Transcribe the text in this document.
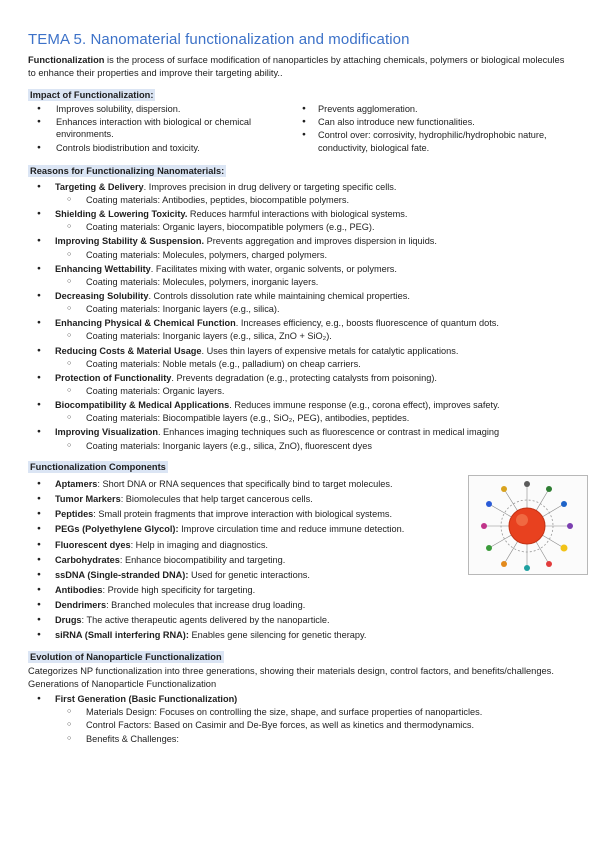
TEMA 5. Nanomaterial functionalization and modification

Functionalization is the process of surface modification of nanoparticles by attaching chemicals, polymers or biological molecules to enhance their properties and improve their targeting ability..

Impact of Functionalization:
● Improves solubility, dispersion.
● Enhances interaction with biological or chemical environments.
● Controls biodistribution and toxicity.
● Prevents agglomeration.
● Can also introduce new functionalities.
● Control over: corrosivity, hydrophilic/hydrophobic nature, conductivity, biological fate.
Reasons for Functionalizing Nanomaterials:
● Targeting & Delivery. Improves precision in drug delivery or targeting specific cells.
○ Coating materials: Antibodies, peptides, biocompatible polymers.
● Shielding & Lowering Toxicity. Reduces harmful interactions with biological systems.
○ Coating materials: Organic layers, biocompatible polymers (e.g., PEG).
● Improving Stability & Suspension. Prevents aggregation and improves dispersion in liquids.
○ Coating materials: Molecules, polymers, charged polymers.
● Enhancing Wettability. Facilitates mixing with water, organic solvents, or polymers.
○ Coating materials: Molecules, polymers, inorganic layers.
● Decreasing Solubility. Controls dissolution rate while maintaining chemical properties.
○ Coating materials: Inorganic layers (e.g., silica).
● Enhancing Physical & Chemical Function. Increases efficiency, e.g., boosts fluorescence of quantum dots.
○ Coating materials: Inorganic layers (e.g., silica, ZnO + SiO₂).
● Reducing Costs & Material Usage. Uses thin layers of expensive metals for catalytic applications.
○ Coating materials: Noble metals (e.g., palladium) on cheap carriers.
● Protection of Functionality. Prevents degradation (e.g., protecting catalysts from poisoning).
○ Coating materials: Organic layers.
● Biocompatibility & Medical Applications. Reduces immune response (e.g., corona effect), improves safety.
○ Coating materials: Biocompatible layers (e.g., SiO₂, PEG), antibodies, peptides.
● Improving Visualization. Enhances imaging techniques such as fluorescence or contrast in medical imaging
○ Coating materials: Inorganic layers (e.g., silica, ZnO), fluorescent dyes
Functionalization Components
● Aptamers: Short DNA or RNA sequences that specifically bind to target molecules.
● Tumor Markers: Biomolecules that help target cancerous cells.
● Peptides: Small protein fragments that improve interaction with biological systems.
● PEGs (Polyethylene Glycol): Improve circulation time and reduce immune detection.
● Fluorescent dyes: Help in imaging and diagnostics.
● Carbohydrates: Enhance biocompatibility and targeting.
● ssDNA (Single-stranded DNA): Used for genetic interactions.
● Antibodies: Provide high specificity for targeting.
● Dendrimers: Branched molecules that increase drug loading.
● Drugs: The active therapeutic agents delivered by the nanoparticle.
● siRNA (Small interfering RNA): Enables gene silencing for genetic therapy.
Evolution of Nanoparticle Functionalization

Categorizes NP functionalization into three generations, showing their materials design, control factors, and benefits/challenges. Generations of Nanoparticle Functionalization

● First Generation (Basic Functionalization)
○ Materials Design: Focuses on controlling the size, shape, and surface properties of nanoparticles.
○ Control Factors: Based on Casimir and De-Bye forces, as well as kinetics and thermodynamics.
○ Benefits & Challenges:
